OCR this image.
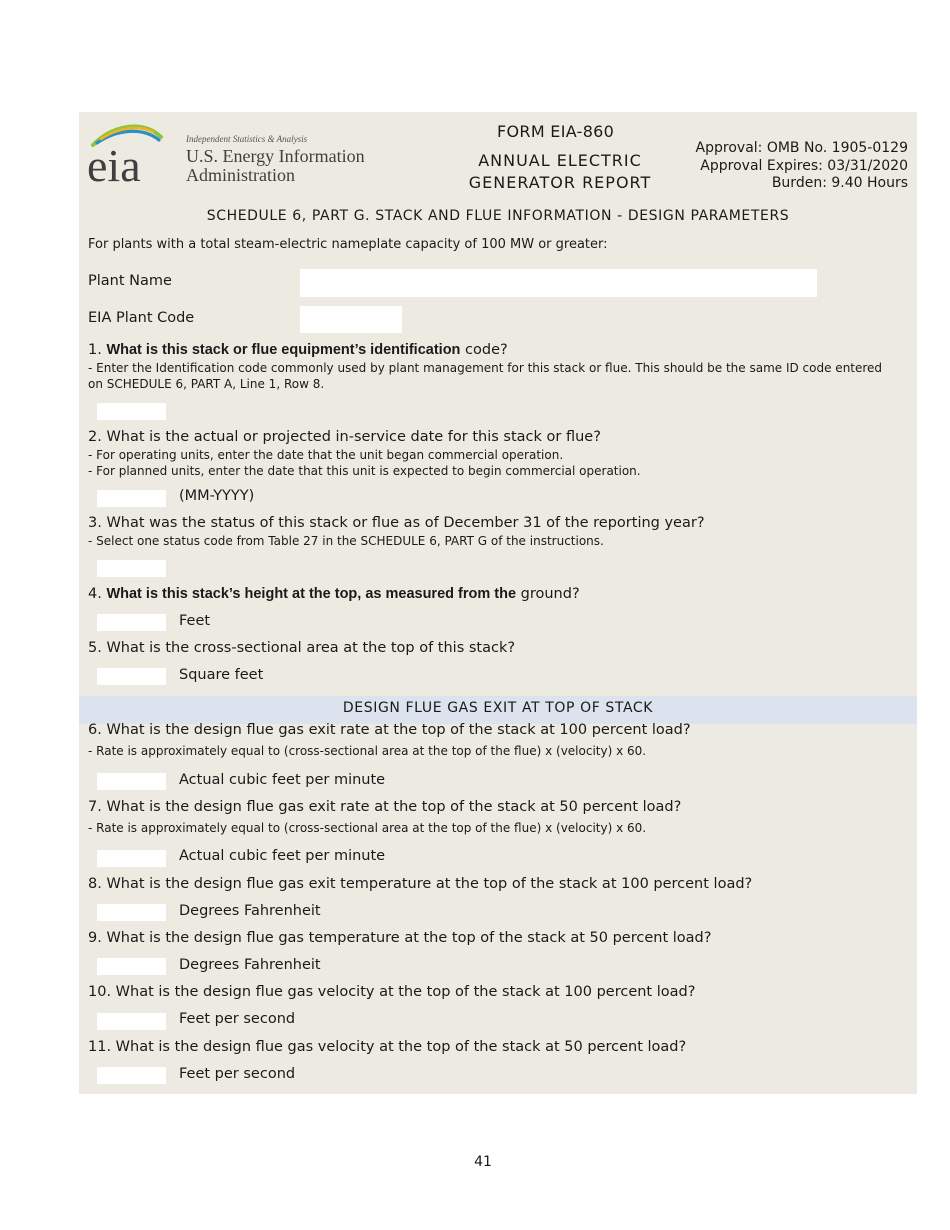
eia
Independent Statistics & Analysis
U.S. Energy Information
Administration
FORM EIA-860
ANNUAL ELECTRIC
GENERATOR REPORT
Approval: OMB No. 1905-0129
Approval Expires: 03/31/2020
Burden: 9.40 Hours
SCHEDULE 6, PART G. STACK AND FLUE INFORMATION - DESIGN PARAMETERS
For plants with a total steam-electric nameplate capacity of 100 MW or greater:
Plant Name
EIA Plant Code
1. What is this stack or flue equipment’s identification code?
- Enter the Identification code commonly used by plant management for this stack or flue. This should be the same ID code entered
on SCHEDULE 6, PART A, Line 1, Row 8.
2. What is the actual or projected in-service date for this stack or flue?
- For operating units, enter the date that the unit began commercial operation.
- For planned units, enter the date that this unit is expected to begin commercial operation.
(MM-YYYY)
3. What was the status of this stack or flue as of December 31 of the reporting year?
- Select one status code from Table 27 in the SCHEDULE 6, PART G of the instructions.
4. What is this stack’s height at the top, as measured from the ground?
Feet
5. What is the cross-sectional area at the top of this stack?
Square feet
DESIGN FLUE GAS EXIT AT TOP OF STACK
6. What is the design flue gas exit rate at the top of the stack at 100 percent load?
- Rate is approximately equal to (cross-sectional area at the top of the flue) x (velocity) x 60.
Actual cubic feet per minute
7. What is the design flue gas exit rate at the top of the stack at 50 percent load?
- Rate is approximately equal to (cross-sectional area at the top of the flue) x (velocity) x 60.
Actual cubic feet per minute
8. What is the design flue gas exit temperature at the top of the stack at 100 percent load?
Degrees Fahrenheit
9. What is the design flue gas temperature at the top of the stack at 50 percent load?
Degrees Fahrenheit
10. What is the design flue gas velocity at the top of the stack at 100 percent load?
Feet per second
11. What is the design flue gas velocity at the top of the stack at 50 percent load?
Feet per second
41
